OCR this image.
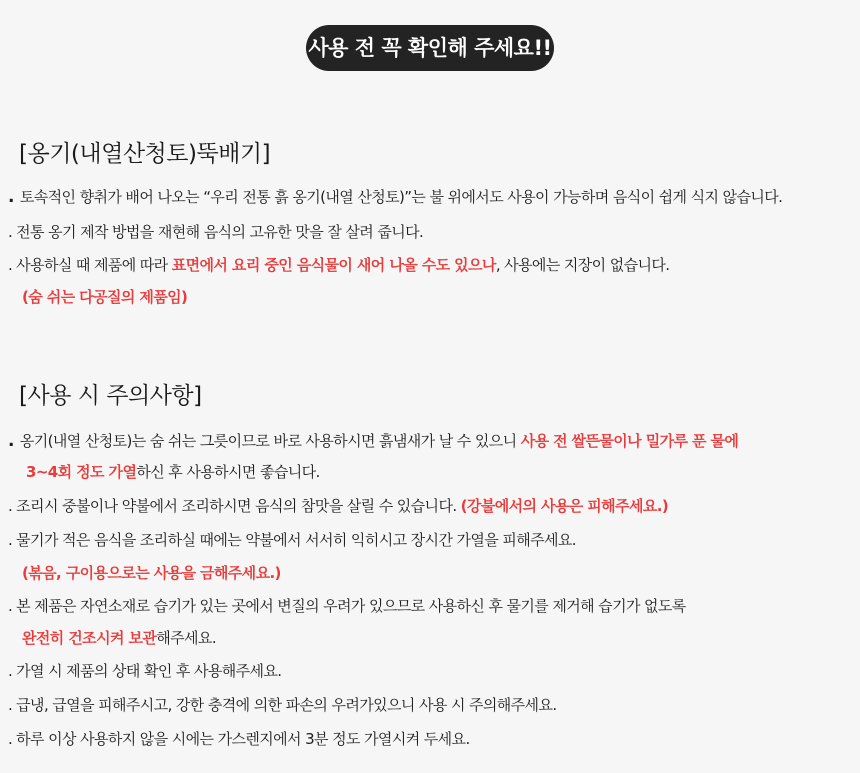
사용 전 꼭 확인해 주세요!!
[옹기(내열산청토)뚝배기]
. 토속적인 향취가 배어 나오는 “우리 전통 흙 옹기(내열 산청토)”는 불 위에서도 사용이 가능하며 음식이 쉽게 식지 않습니다.
. 전통 옹기 제작 방법을 재현해 음식의 고유한 맛을 잘 살려 줍니다.
. 사용하실 때 제품에 따라 표면에서 요리 중인 음식물이 새어 나올 수도 있으나, 사용에는 지장이 없습니다.
(숨 쉬는 다공질의 제품임)
[사용 시 주의사항]
. 옹기(내열 산청토)는 숨 쉬는 그릇이므로 바로 사용하시면 흙냄새가 날 수 있으니 사용 전 쌀뜬물이나 밀가루 푼 물에
3~4회 정도 가열하신 후 사용하시면 좋습니다.
. 조리시 중불이나 약불에서 조리하시면 음식의 참맛을 살릴 수 있습니다. (강불에서의 사용은 피해주세요.)
. 물기가 적은 음식을 조리하실 때에는 약불에서 서서히 익히시고 장시간 가열을 피해주세요.
(볶음, 구이용으로는 사용을 금해주세요.)
. 본 제품은 자연소재로 습기가 있는 곳에서 변질의 우려가 있으므로 사용하신 후 물기를 제거해 습기가 없도록
완전히 건조시켜 보관해주세요.
. 가열 시 제품의 상태 확인 후 사용해주세요.
. 급냉, 급열을 피해주시고, 강한 충격에 의한 파손의 우려가있으니 사용 시 주의해주세요.
. 하루 이상 사용하지 않을 시에는 가스렌지에서 3분 정도 가열시켜 두세요.
